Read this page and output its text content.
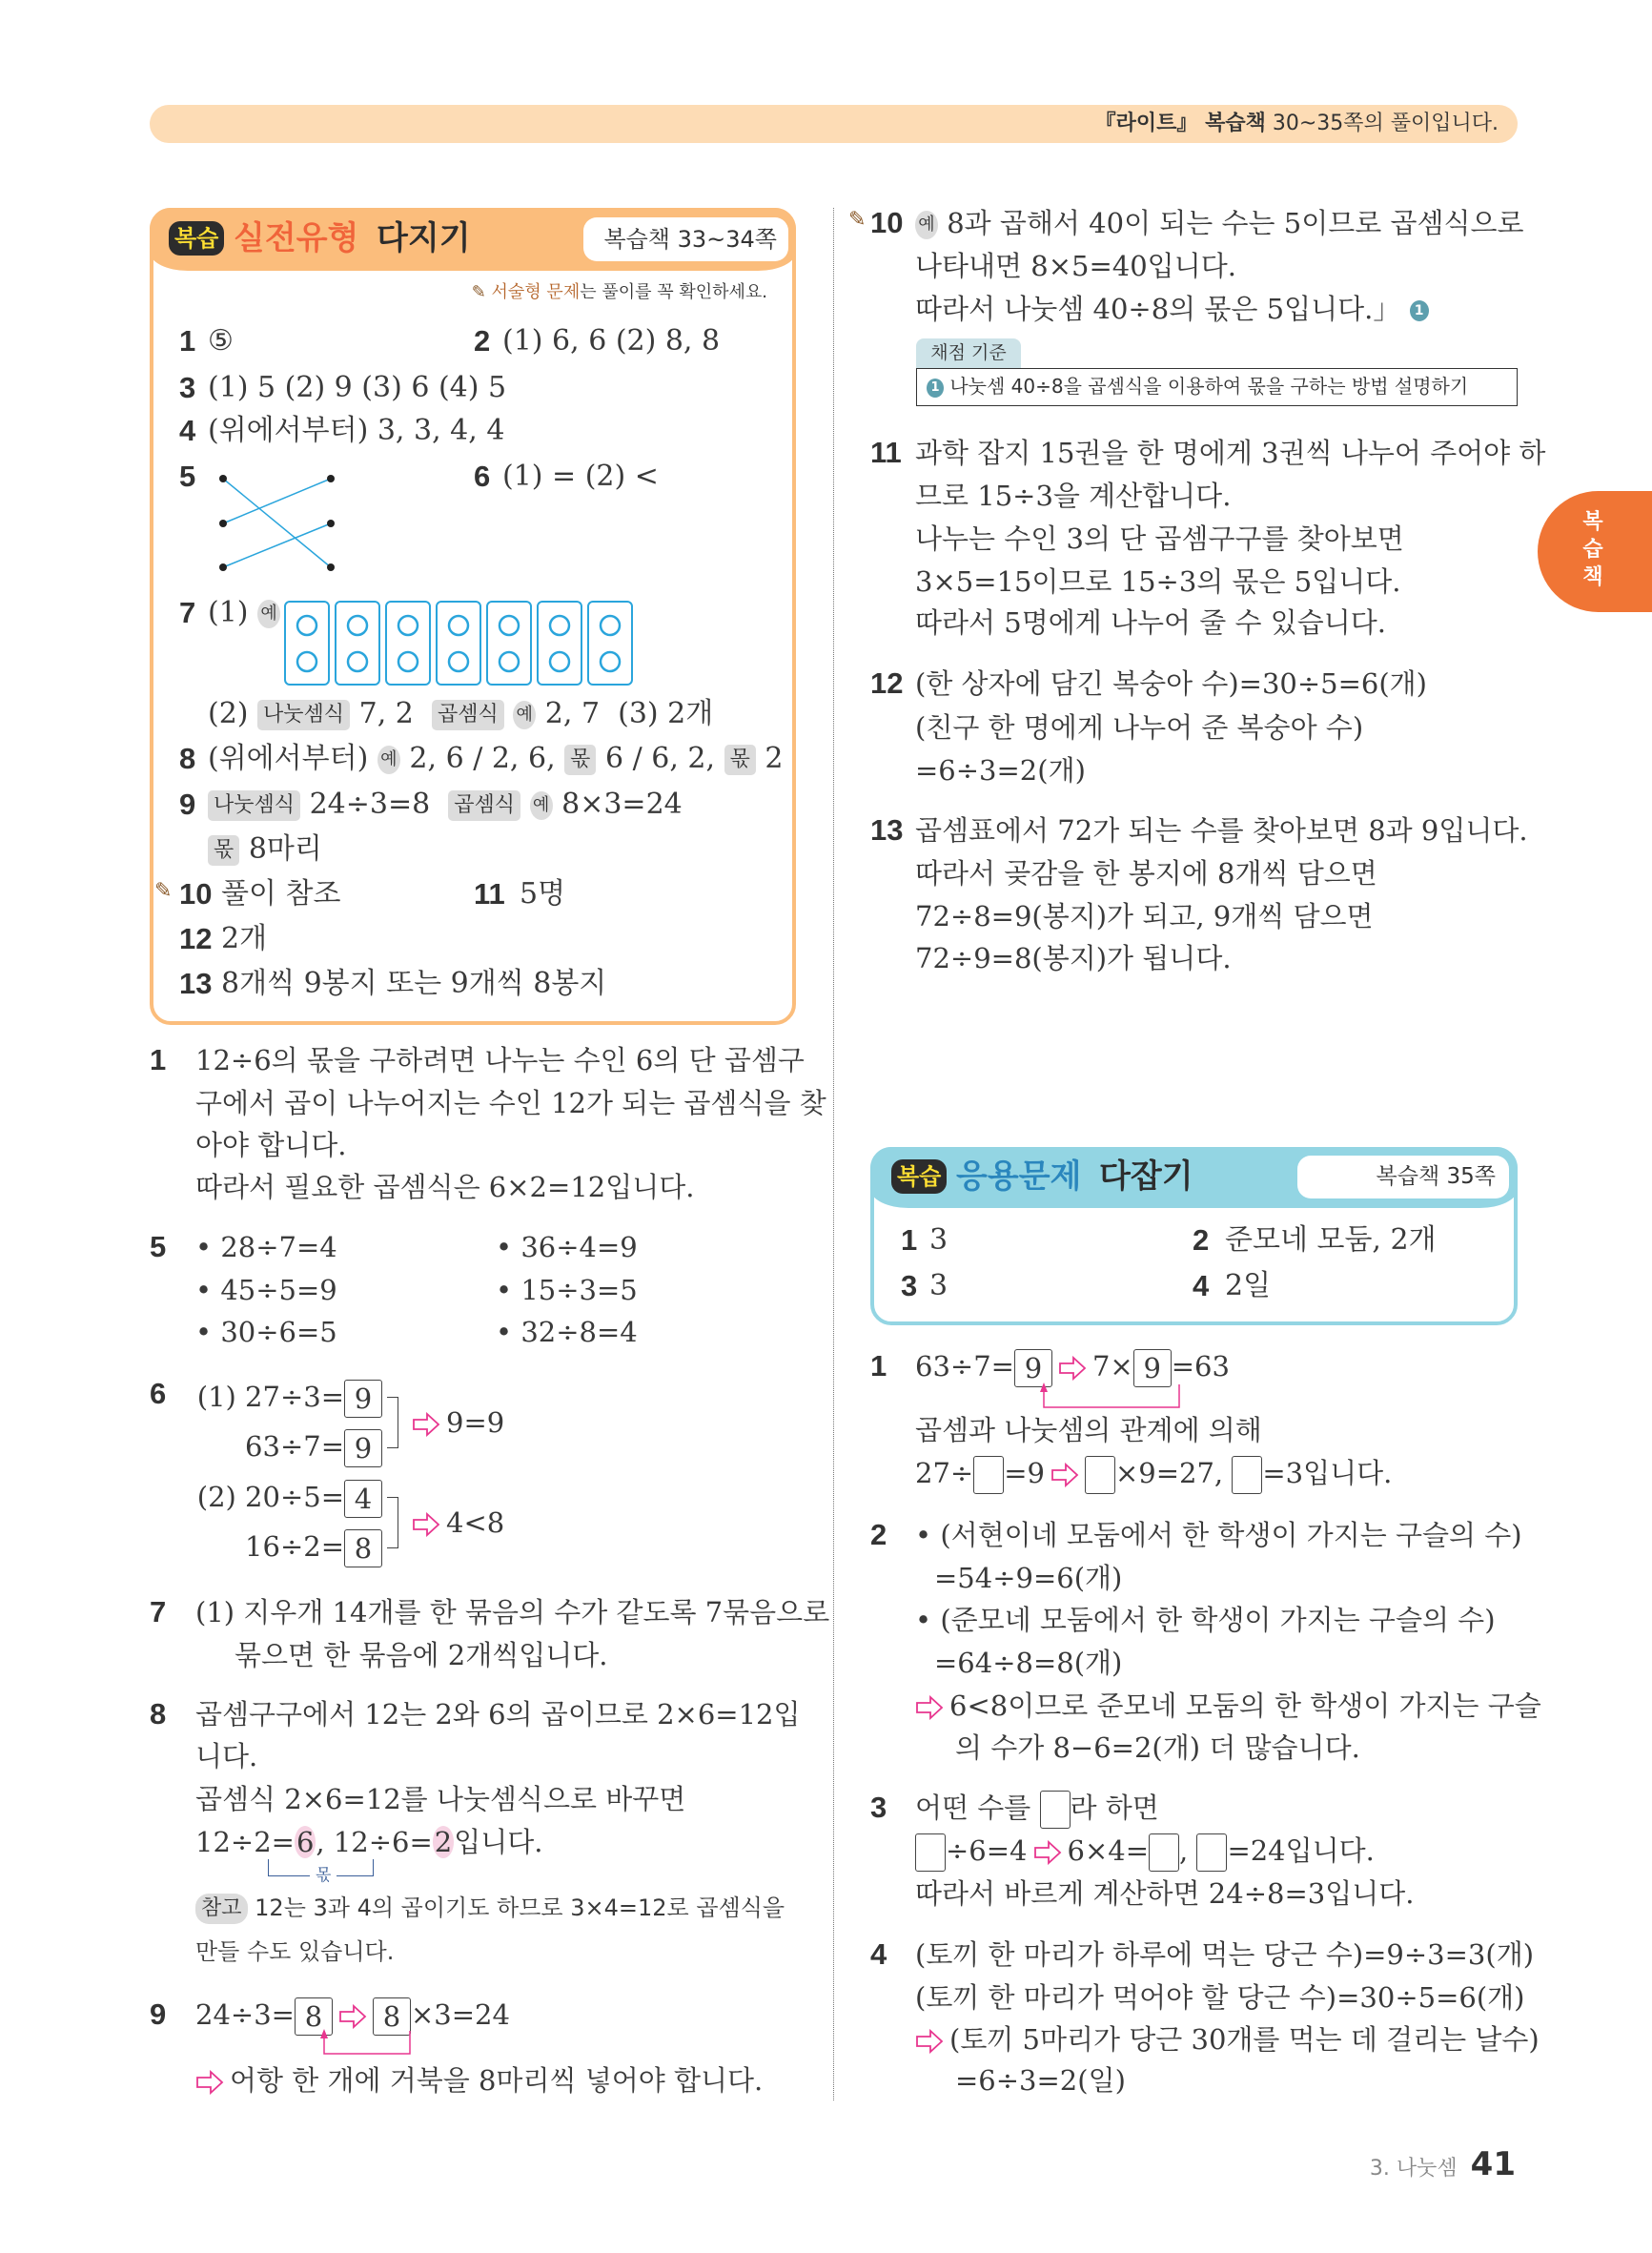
『라이트』 복습책 30~35쪽의 풀이입니다.
복습책
복습 실전유형 다지기	복습책 33~34쪽
✎ 서술형 문제는 풀이를 꼭 확인하세요.
1 ⑤	2 (1) 6, 6 (2) 8, 8
3 (1) 5 (2) 9 (3) 6 (4) 5
4 (위에서부터) 3, 3, 4, 4
5	6 (1) = (2) <
7 (1) 예
(2) 나눗셈식 7, 2 곱셈식 예 2, 7 (3) 2개
8 (위에서부터) 예 2, 6 / 2, 6, 몫 6 / 6, 2, 몫 2
9 나눗셈식 24÷3=8 곱셈식 예 8×3=24
몫 8마리
✎ 10 풀이 참조	11 5명
12 2개
13 8개씩 9봉지 또는 9개씩 8봉지
1 12÷6의 몫을 구하려면 나누는 수인 6의 단 곱셈구
구에서 곱이 나누어지는 수인 12가 되는 곱셈식을 찾
아야 합니다.
따라서 필요한 곱셈식은 6×2=12입니다.
5 • 28÷7=4	• 36÷4=9
• 45÷5=9	• 15÷3=5
• 30÷6=5	• 32÷8=4
6 (1) 27÷3= 9
63÷7= 9
9=9
(2) 20÷5= 4
16÷2= 8
4<8
7 (1) 지우개 14개를 한 묶음의 수가 같도록 7묶음으로
묶으면 한 묶음에 2개씩입니다.
8 곱셈구구에서 12는 2와 6의 곱이므로 2×6=12입
니다.
곱셈식 2×6=12를 나눗셈식으로 바꾸면
12÷2=6, 12÷6=2입니다.
몫
참고 12는 3과 4의 곱이기도 하므로 3×4=12로 곱셈식을
만들 수도 있습니다.
9 24÷3= 8 8 ×3=24
어항 한 개에 거북을 8마리씩 넣어야 합니다.
✎ 10 예 8과 곱해서 40이 되는 수는 5이므로 곱셈식으로
나타내면 8×5=40입니다.
따라서 나눗셈 40÷8의 몫은 5입니다.」 1
채점 기준
1 나눗셈 40÷8을 곱셈식을 이용하여 몫을 구하는 방법 설명하기
11 과학 잡지 15권을 한 명에게 3권씩 나누어 주어야 하
므로 15÷3을 계산합니다.
나누는 수인 3의 단 곱셈구구를 찾아보면
3×5=15이므로 15÷3의 몫은 5입니다.
따라서 5명에게 나누어 줄 수 있습니다.
12 (한 상자에 담긴 복숭아 수)=30÷5=6(개)
(친구 한 명에게 나누어 준 복숭아 수)
=6÷3=2(개)
13 곱셈표에서 72가 되는 수를 찾아보면 8과 9입니다.
따라서 곶감을 한 봉지에 8개씩 담으면
72÷8=9(봉지)가 되고, 9개씩 담으면
72÷9=8(봉지)가 됩니다.
복습 응용문제 다잡기	복습책 35쪽
1 3	2 준모네 모둠, 2개
3 3	4 2일
1 63÷7= 9 7× 9 =63
곱셈과 나눗셈의 관계에 의해
27÷ =9	×9=27, =3입니다.
2 • (서현이네 모둠에서 한 학생이 가지는 구슬의 수)
=54÷9=6(개)
• (준모네 모둠에서 한 학생이 가지는 구슬의 수)
=64÷8=8(개)
6<8이므로 준모네 모둠의 한 학생이 가지는 구슬
의 수가 8−6=2(개) 더 많습니다.
3 어떤 수를 라 하면
÷6=4 6×4= , =24입니다.
따라서 바르게 계산하면 24÷8=3입니다.
4 (토끼 한 마리가 하루에 먹는 당근 수)=9÷3=3(개)
(토끼 한 마리가 먹어야 할 당근 수)=30÷5=6(개)
(토끼 5마리가 당근 30개를 먹는 데 걸리는 날수)
=6÷3=2(일)
3. 나눗셈 41
